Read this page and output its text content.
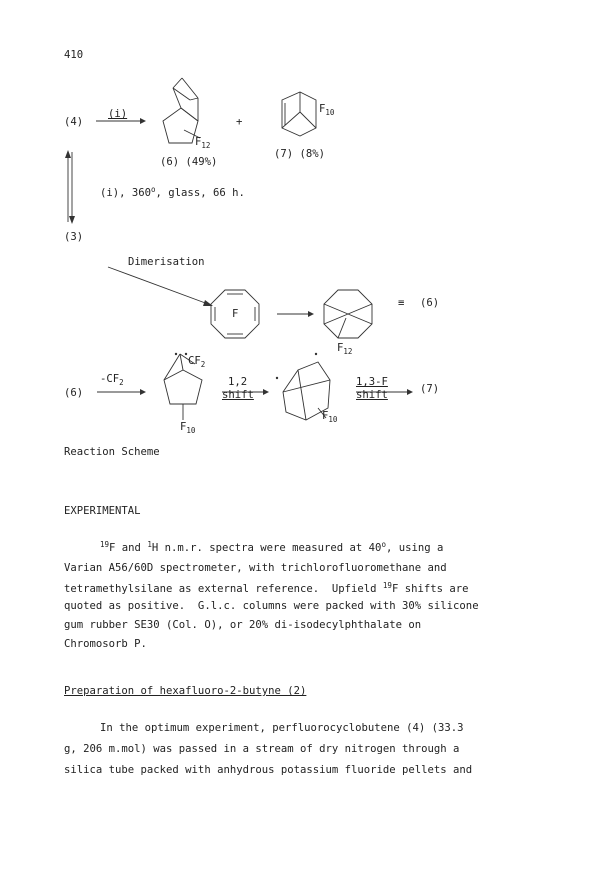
410
(4)
(i)
+
$F_{12}$
$F_{10}$
(6) (49%)
(7) (8%)
(i), 360$^o$, glass, 66 h.
(3)
Dimerisation
F
≡ (6)
$F_{12}$
(6)
$-CF_2$
$CF_2$
1,2
shift
$F_{10}$
$F_{10}$
1,3-F
shift	(7)
Reaction Scheme
EXPERIMENTAL
$^{19}$F and $^1$H n.m.r. spectra were measured at 40$^o$, using a
Varian A56/60D spectrometer, with trichlorofluoromethane and
tetramethylsilane as external reference.  Upfield $^{19}$F shifts are
quoted as positive.  G.l.c. columns were packed with 30% silicone
gum rubber SE30 (Col. O), or 20% di-isodecylphthalate on
Chromosorb P.
Preparation of hexafluoro-2-butyne (2)
In the optimum experiment, perfluorocyclobutene (4) (33.3
g, 206 m.mol) was passed in a stream of dry nitrogen through a
silica tube packed with anhydrous potassium fluoride pellets and
